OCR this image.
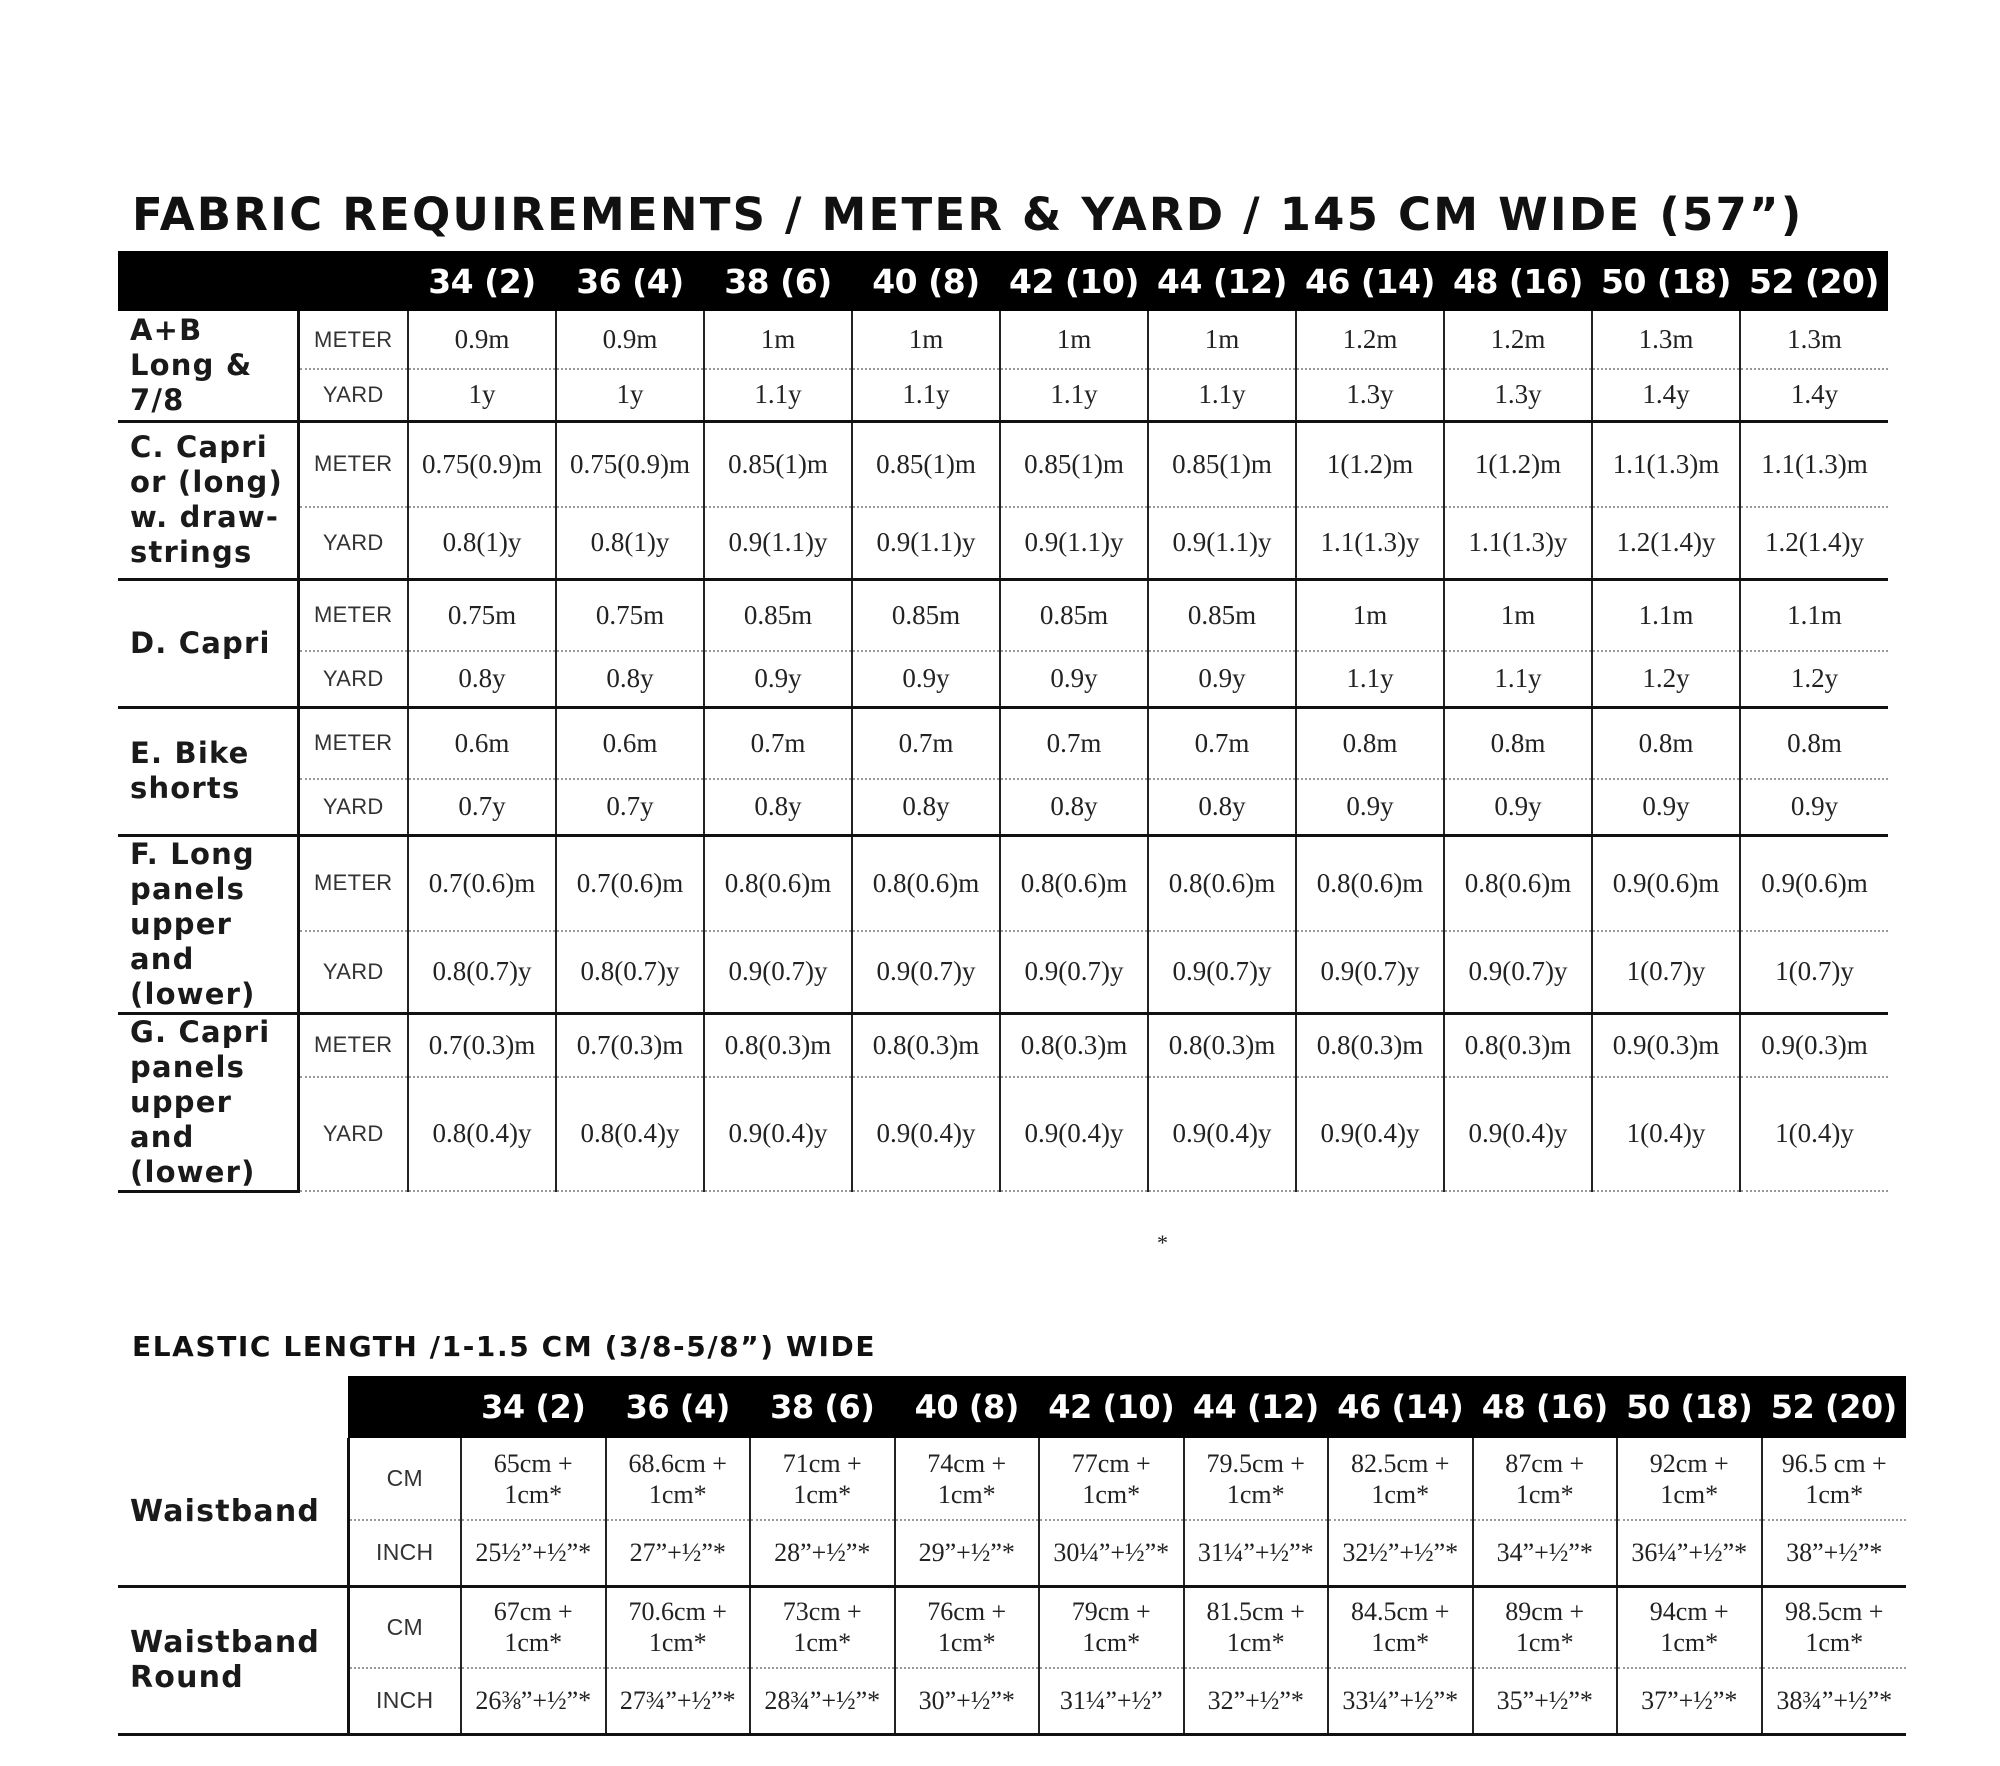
FABRIC REQUIREMENTS / METER & YARD / 145 CM WIDE (57”)
		34 (2)	36 (4)	38 (6)	40 (8)	42 (10)	44 (12)	46 (14)	48 (16)	50 (18)	52 (20)
A+B Long & 7/8	METER	0.9m	0.9m	1m	1m	1m	1m	1.2m	1.2m	1.3m	1.3m
	YARD	1y	1y	1.1y	1.1y	1.1y	1.1y	1.3y	1.3y	1.4y	1.4y
C. Capri or (long) w. draw-strings	METER	0.75(0.9)m	0.75(0.9)m	0.85(1)m	0.85(1)m	0.85(1)m	0.85(1)m	1(1.2)m	1(1.2)m	1.1(1.3)m	1.1(1.3)m
	YARD	0.8(1)y	0.8(1)y	0.9(1.1)y	0.9(1.1)y	0.9(1.1)y	0.9(1.1)y	1.1(1.3)y	1.1(1.3)y	1.2(1.4)y	1.2(1.4)y
D. Capri	METER	0.75m	0.75m	0.85m	0.85m	0.85m	0.85m	1m	1m	1.1m	1.1m
	YARD	0.8y	0.8y	0.9y	0.9y	0.9y	0.9y	1.1y	1.1y	1.2y	1.2y
E. Bike shorts	METER	0.6m	0.6m	0.7m	0.7m	0.7m	0.7m	0.8m	0.8m	0.8m	0.8m
	YARD	0.7y	0.7y	0.8y	0.8y	0.8y	0.8y	0.9y	0.9y	0.9y	0.9y
F. Long panels upper and (lower)	METER	0.7(0.6)m	0.7(0.6)m	0.8(0.6)m	0.8(0.6)m	0.8(0.6)m	0.8(0.6)m	0.8(0.6)m	0.8(0.6)m	0.9(0.6)m	0.9(0.6)m
	YARD	0.8(0.7)y	0.8(0.7)y	0.9(0.7)y	0.9(0.7)y	0.9(0.7)y	0.9(0.7)y	0.9(0.7)y	0.9(0.7)y	1(0.7)y	1(0.7)y
G. Capri panels upper and (lower)	METER	0.7(0.3)m	0.7(0.3)m	0.8(0.3)m	0.8(0.3)m	0.8(0.3)m	0.8(0.3)m	0.8(0.3)m	0.8(0.3)m	0.9(0.3)m	0.9(0.3)m
	YARD	0.8(0.4)y	0.8(0.4)y	0.9(0.4)y	0.9(0.4)y	0.9(0.4)y	0.9(0.4)y	0.9(0.4)y	0.9(0.4)y	1(0.4)y	1(0.4)y
*
ELASTIC LENGTH /1-1.5 CM (3/8-5/8”) WIDE
		34 (2)	36 (4)	38 (6)	40 (8)	42 (10)	44 (12)	46 (14)	48 (16)	50 (18)	52 (20)
Waistband	CM	65cm + 1cm*	68.6cm + 1cm*	71cm + 1cm*	74cm + 1cm*	77cm + 1cm*	79.5cm + 1cm*	82.5cm + 1cm*	87cm + 1cm*	92cm + 1cm*	96.5 cm + 1cm*
	INCH	25½”+½”*	27”+½”*	28”+½”*	29”+½”*	30¼”+½”*	31¼”+½”*	32½”+½”*	34”+½”*	36¼”+½”*	38”+½”*
Waistband Round	CM	67cm + 1cm*	70.6cm + 1cm*	73cm + 1cm*	76cm + 1cm*	79cm + 1cm*	81.5cm + 1cm*	84.5cm + 1cm*	89cm + 1cm*	94cm + 1cm*	98.5cm + 1cm*
	INCH	26⅜”+½”*	27¾”+½”*	28¾”+½”*	30”+½”*	31¼”+½”	32”+½”*	33¼”+½”*	35”+½”*	37”+½”*	38¾”+½”*
